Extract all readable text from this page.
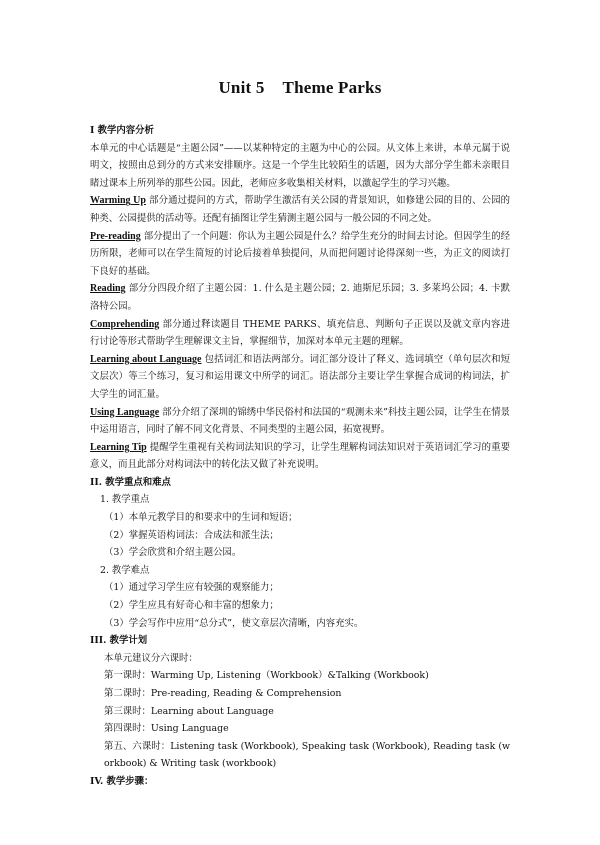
Unit 5 Theme Parks

I 教学内容分析

本单元的中心话题是“主题公园”——以某种特定的主题为中心的公园。从文体上来讲，本单元属于说明文，按照由总到分的方式来安排顺序。这是一个学生比较陌生的话题，因为大部分学生都未亲眼目睹过课本上所列举的那些公园。因此，老师应多收集相关材料，以激起学生的学习兴趣。

Warming Up 部分通过提问的方式，帮助学生激活有关公园的背景知识，如修建公园的目的、公园的种类、公园提供的活动等。还配有插图让学生猜测主题公园与一般公园的不同之处。

Pre-reading 部分提出了一个问题：你认为主题公园是什么？给学生充分的时间去讨论。但因学生的经历所限，老师可以在学生简短的讨论后接着单独提问，从而把问题讨论得深刻一些，为正文的阅读打下良好的基础。

Reading 部分分四段介绍了主题公园：1. 什么是主题公园；2. 迪斯尼乐园；3. 多莱坞公园；4. 卡默洛特公园。

Comprehending 部分通过释读题目 THEME PARKS、填充信息、判断句子正误以及就文章内容进行讨论等形式帮助学生理解课文主旨，掌握细节，加深对本单元主题的理解。

Learning about Language 包括词汇和语法两部分。词汇部分设计了释义、选词填空（单句层次和短文层次）等三个练习，复习和运用课文中所学的词汇。语法部分主要让学生掌握合成词的构词法，扩大学生的词汇量。

Using Language 部分介绍了深圳的锦绣中华民俗村和法国的“观测未来”科技主题公园，让学生在情景中运用语言，同时了解不同文化背景、不同类型的主题公园，拓宽视野。

Learning Tip 提醒学生重视有关构词法知识的学习，让学生理解构词法知识对于英语词汇学习的重要意义，而且此部分对构词法中的转化法又做了补充说明。

II. 教学重点和难点

1. 教学重点

（1）本单元教学目的和要求中的生词和短语；

（2）掌握英语构词法：合成法和派生法；

（3）学会欣赏和介绍主题公园。

2. 教学难点

（1）通过学习学生应有较强的观察能力；

（2）学生应具有好奇心和丰富的想象力；

（3）学会写作中应用“总分式”，使文章层次清晰，内容充实。

III. 教学计划

本单元建议分六课时：

第一课时：Warming Up, Listening（Workbook）&Talking (Workbook)

第二课时：Pre-reading, Reading & Comprehension

第三课时：Learning about Language

第四课时：Using Language

第五、六课时：Listening task (Workbook), Speaking task (Workbook), Reading task (workbook) & Writing task (workbook)

IV. 教学步骤：
